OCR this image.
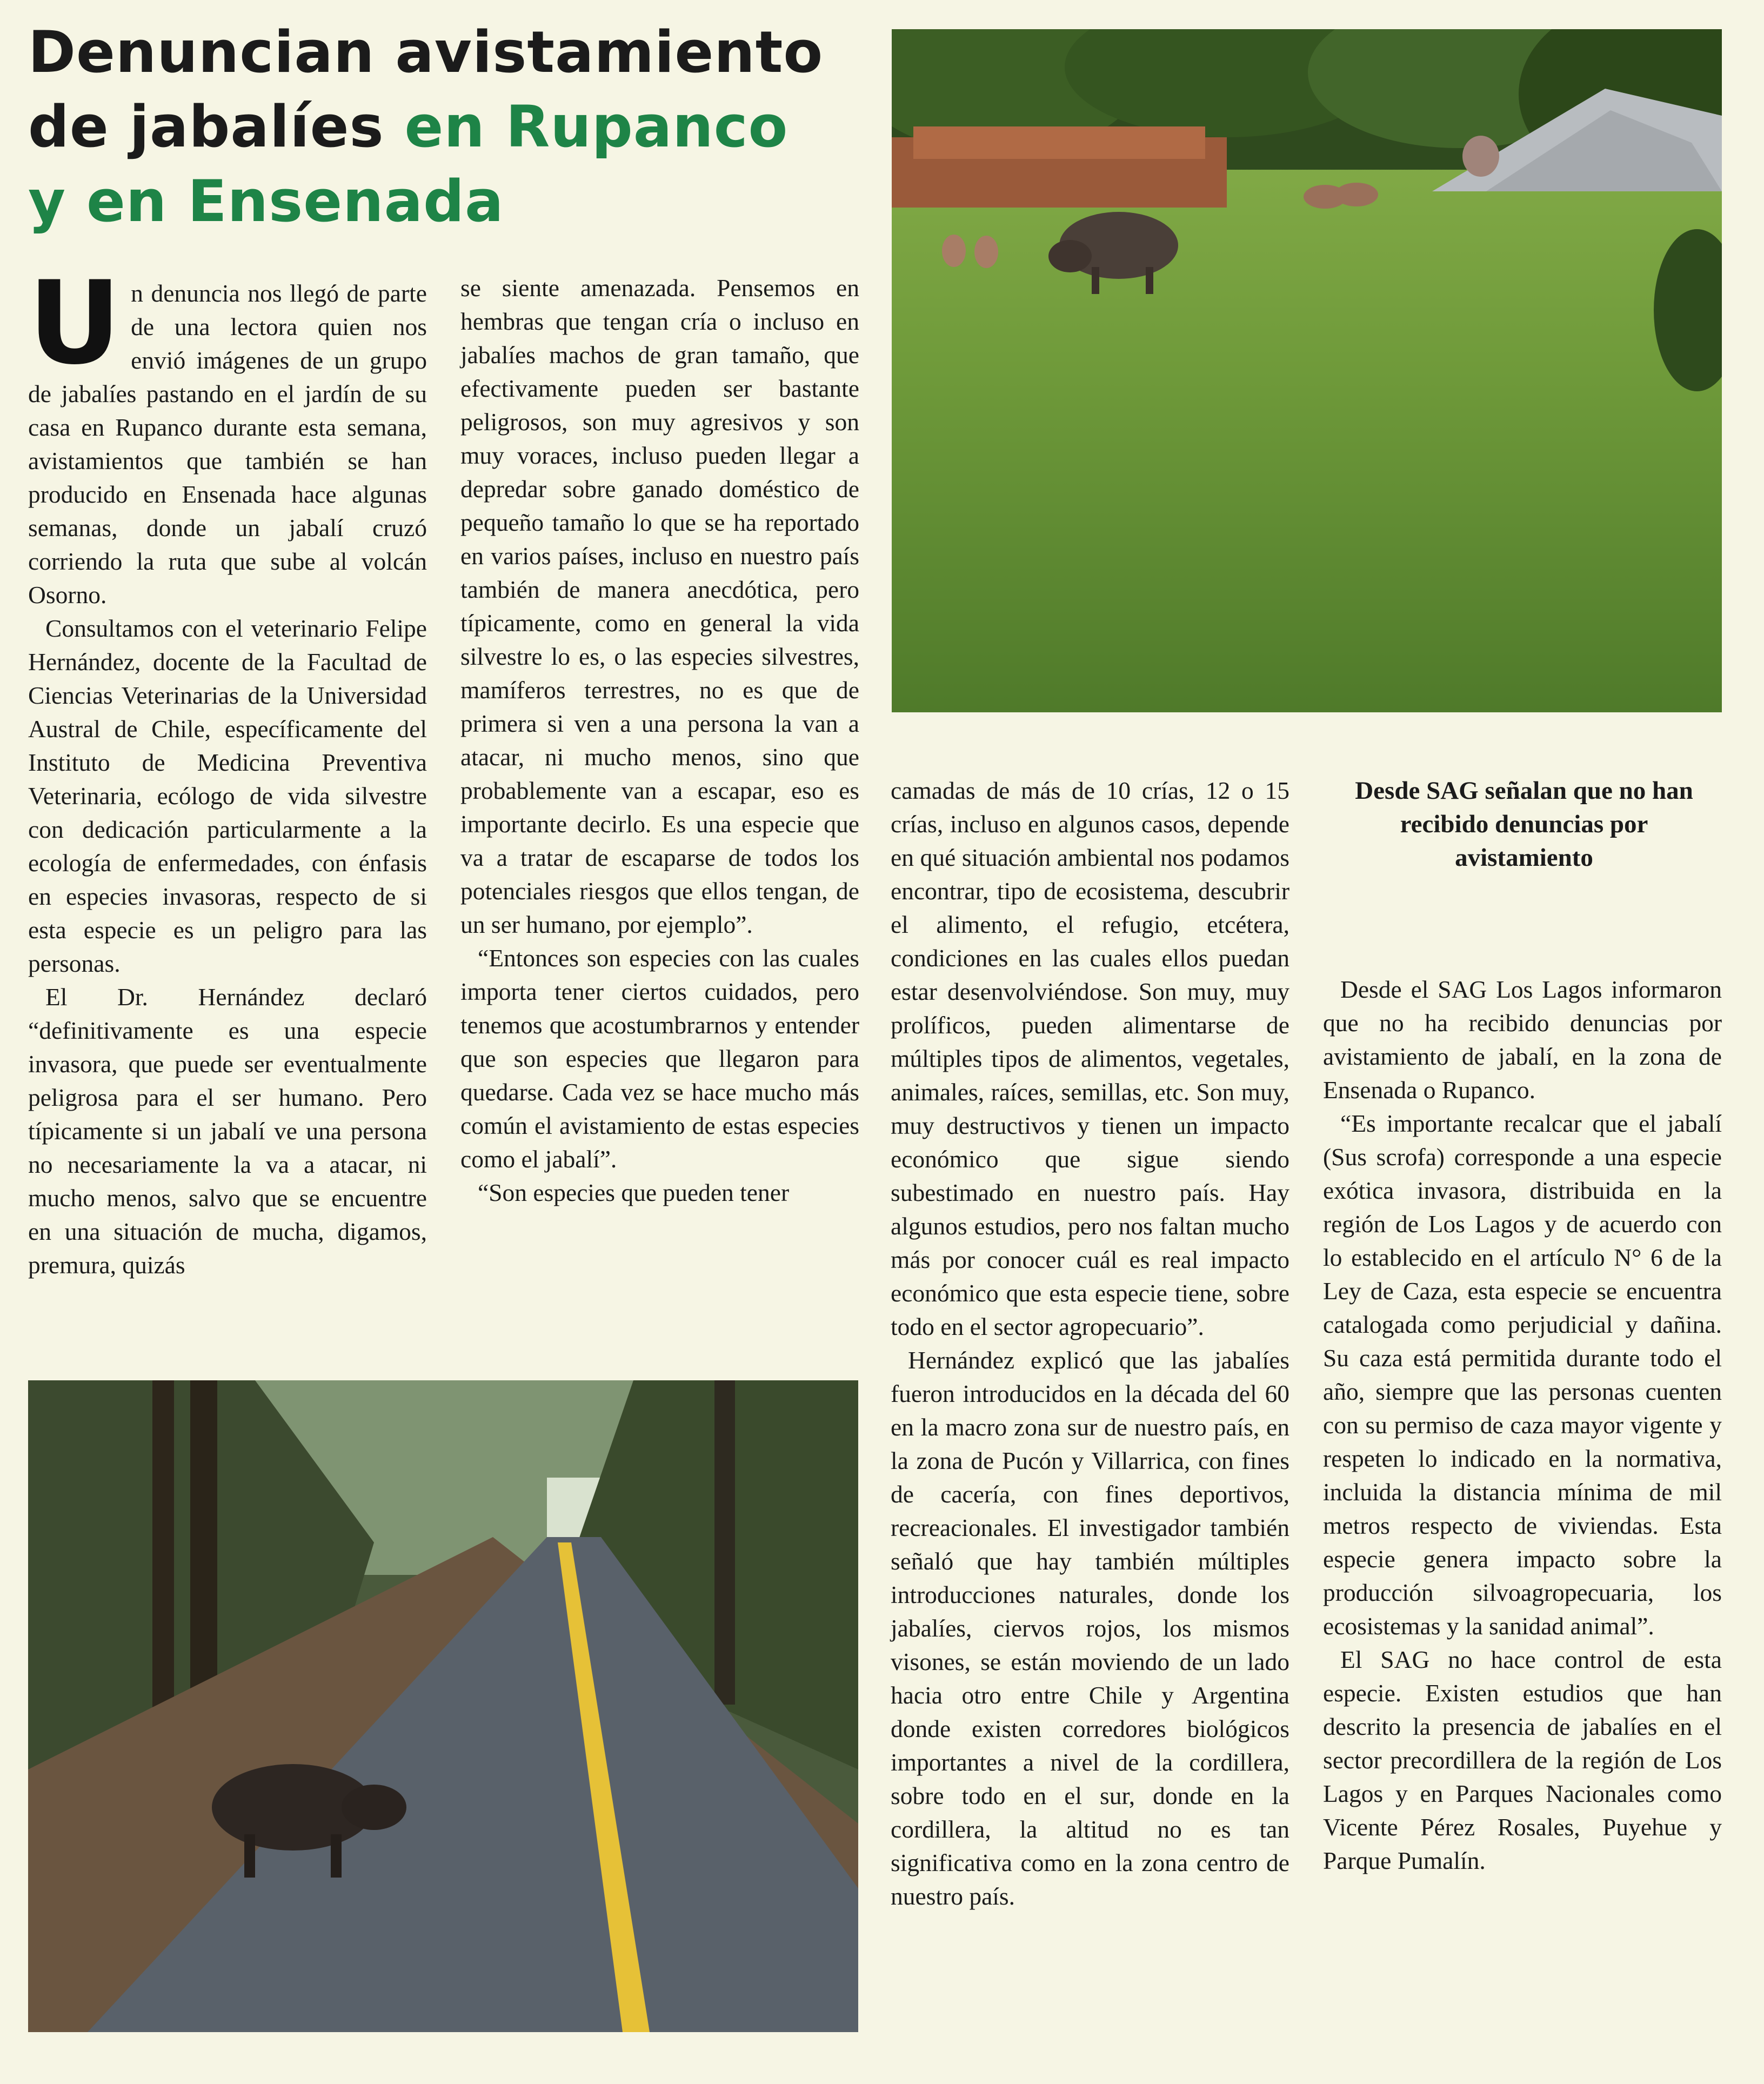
Denuncian avistamiento
de jabalíes en Rupanco
y en Ensenada
U n denuncia nos llegó de parte de una lectora quien nos envió imágenes de un grupo de jabalíes pastando en el jardín de su casa en Rupanco durante esta semana, avistamientos que también se han producido en Ensenada hace algunas semanas, donde un jabalí cruzó corriendo la ruta que sube al volcán Osorno.

Consultamos con el veterinario Felipe Hernández, docente de la Facultad de Ciencias Veterinarias de la Universidad Austral de Chile, específicamente del Instituto de Medicina Preventiva Veterinaria, ecólogo de vida silvestre con dedicación particularmente a la ecología de enfermedades, con énfasis en especies invasoras, respecto de si esta especie es un peligro para las personas.

El Dr. Hernández declaró “definitivamente es una especie invasora, que puede ser eventualmente peligrosa para el ser humano. Pero típicamente si un jabalí ve una persona no necesariamente la va a atacar, ni mucho menos, salvo que se encuentre en una situación de mucha, digamos, premura, quizás

se siente amenazada. Pensemos en hembras que tengan cría o incluso en jabalíes machos de gran tamaño, que efectivamente pueden ser bastante peligrosos, son muy agresivos y son muy voraces, incluso pueden llegar a depredar sobre ganado doméstico de pequeño tamaño lo que se ha reportado en varios países, incluso en nuestro país también de manera anecdótica, pero típicamente, como en general la vida silvestre lo es, o las especies silvestres, mamíferos terrestres, no es que de primera si ven a una persona la van a atacar, ni mucho menos, sino que probablemente van a escapar, eso es importante decirlo. Es una especie que va a tratar de escaparse de todos los potenciales riesgos que ellos tengan, de un ser humano, por ejemplo”.

“Entonces son especies con las cuales importa tener ciertos cuidados, pero tenemos que acostumbrarnos y entender que son especies que llegaron para quedarse. Cada vez se hace mucho más común el avistamiento de estas especies como el jabalí”.

“Son especies que pueden tener

camadas de más de 10 crías, 12 o 15 crías, incluso en algunos casos, depende en qué situación ambiental nos podamos encontrar, tipo de ecosistema, descubrir el alimento, el refugio, etcétera, condiciones en las cuales ellos puedan estar desenvolviéndose. Son muy, muy prolíficos, pueden alimentarse de múltiples tipos de alimentos, vegetales, animales, raíces, semillas, etc. Son muy, muy destructivos y tienen un impacto económico que sigue siendo subestimado en nuestro país. Hay algunos estudios, pero nos faltan mucho más por conocer cuál es real impacto económico que esta especie tiene, sobre todo en el sector agropecuario”.

Hernández explicó que las jabalíes fueron introducidos en la década del 60 en la macro zona sur de nuestro país, en la zona de Pucón y Villarrica, con fines de cacería, con fines deportivos, recreacionales. El investigador también señaló que hay también múltiples introducciones naturales, donde los jabalíes, ciervos rojos, los mismos visones, se están moviendo de un lado hacia otro entre Chile y Argentina donde existen corredores biológicos importantes a nivel de la cordillera, sobre todo en el sur, donde en la cordillera, la altitud no es tan significativa como en la zona centro de nuestro país.

Desde SAG señalan que no han recibido denuncias por avistamiento

Desde el SAG Los Lagos informaron que no ha recibido denuncias por avistamiento de jabalí, en la zona de Ensenada o Rupanco.

“Es importante recalcar que el jabalí (Sus scrofa) corresponde a una especie exótica invasora, distribuida en la región de Los Lagos y de acuerdo con lo establecido en el artículo N° 6 de la Ley de Caza, esta especie se encuentra catalogada como perjudicial y dañina. Su caza está permitida durante todo el año, siempre que las personas cuenten con su permiso de caza mayor vigente y respeten lo indicado en la normativa, incluida la distancia mínima de mil metros respecto de viviendas. Esta especie genera impacto sobre la producción silvoagropecuaria, los ecosistemas y la sanidad animal”.

El SAG no hace control de esta especie. Existen estudios que han descrito la presencia de jabalíes en el sector precordillera de la región de Los Lagos y en Parques Nacionales como Vicente Pérez Rosales, Puyehue y Parque Pumalín.
